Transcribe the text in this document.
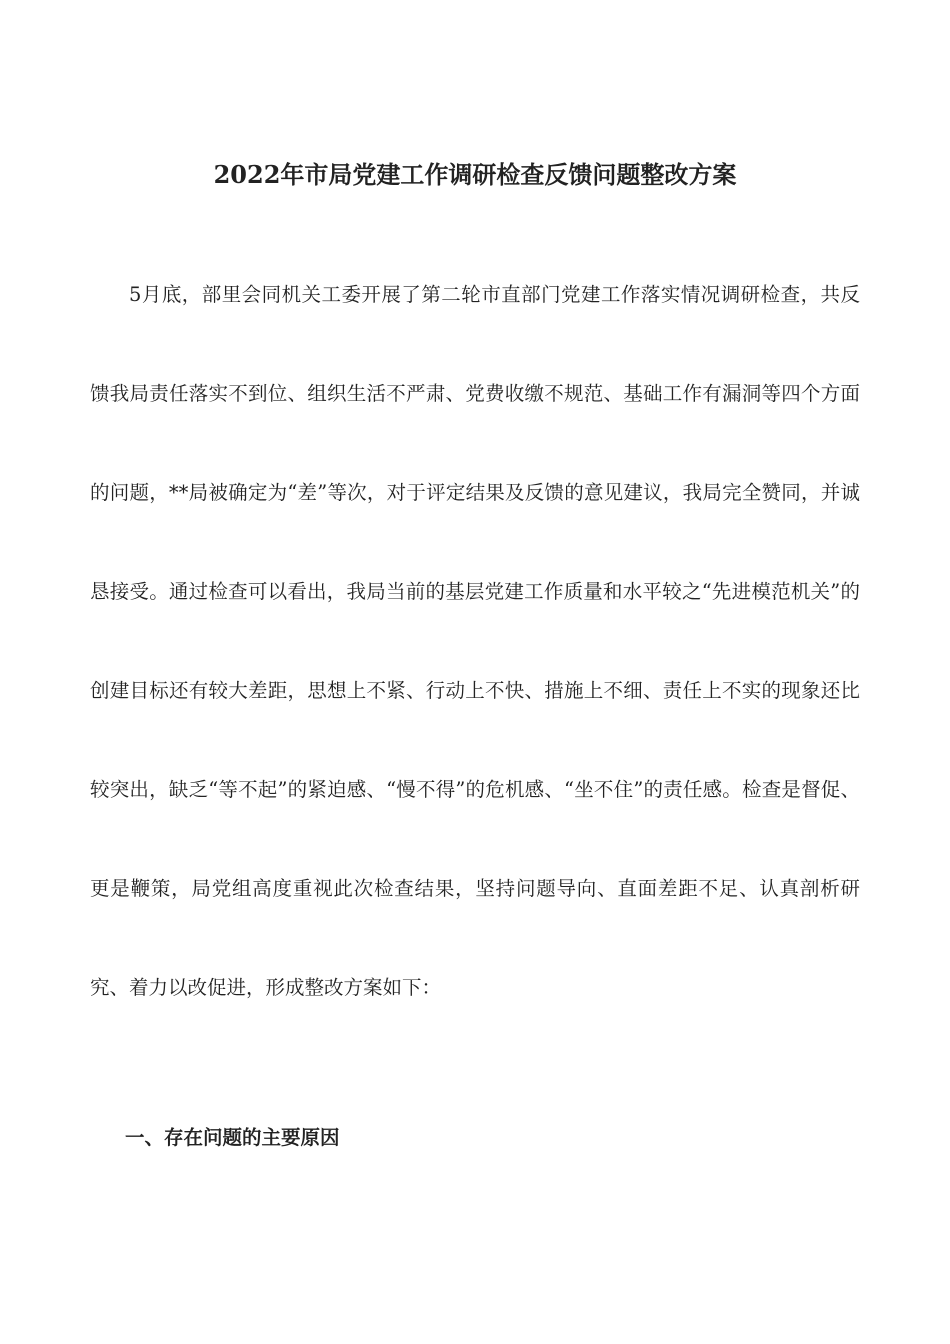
2022年市局党建工作调研检查反馈问题整改方案

5月底，部里会同机关工委开展了第二轮市直部门党建工作落实情况调研检查，共反馈我局责任落实不到位、组织生活不严肃、党费收缴不规范、基础工作有漏洞等四个方面的问题，**局被确定为“差”等次，对于评定结果及反馈的意见建议，我局完全赞同，并诚恳接受。通过检查可以看出，我局当前的基层党建工作质量和水平较之“先进模范机关”的创建目标还有较大差距，思想上不紧、行动上不快、措施上不细、责任上不实的现象还比较突出，缺乏“等不起”的紧迫感、“慢不得”的危机感、“坐不住”的责任感。检查是督促、更是鞭策，局党组高度重视此次检查结果，坚持问题导向、直面差距不足、认真剖析研究、着力以改促进，形成整改方案如下：

一、存在问题的主要原因
